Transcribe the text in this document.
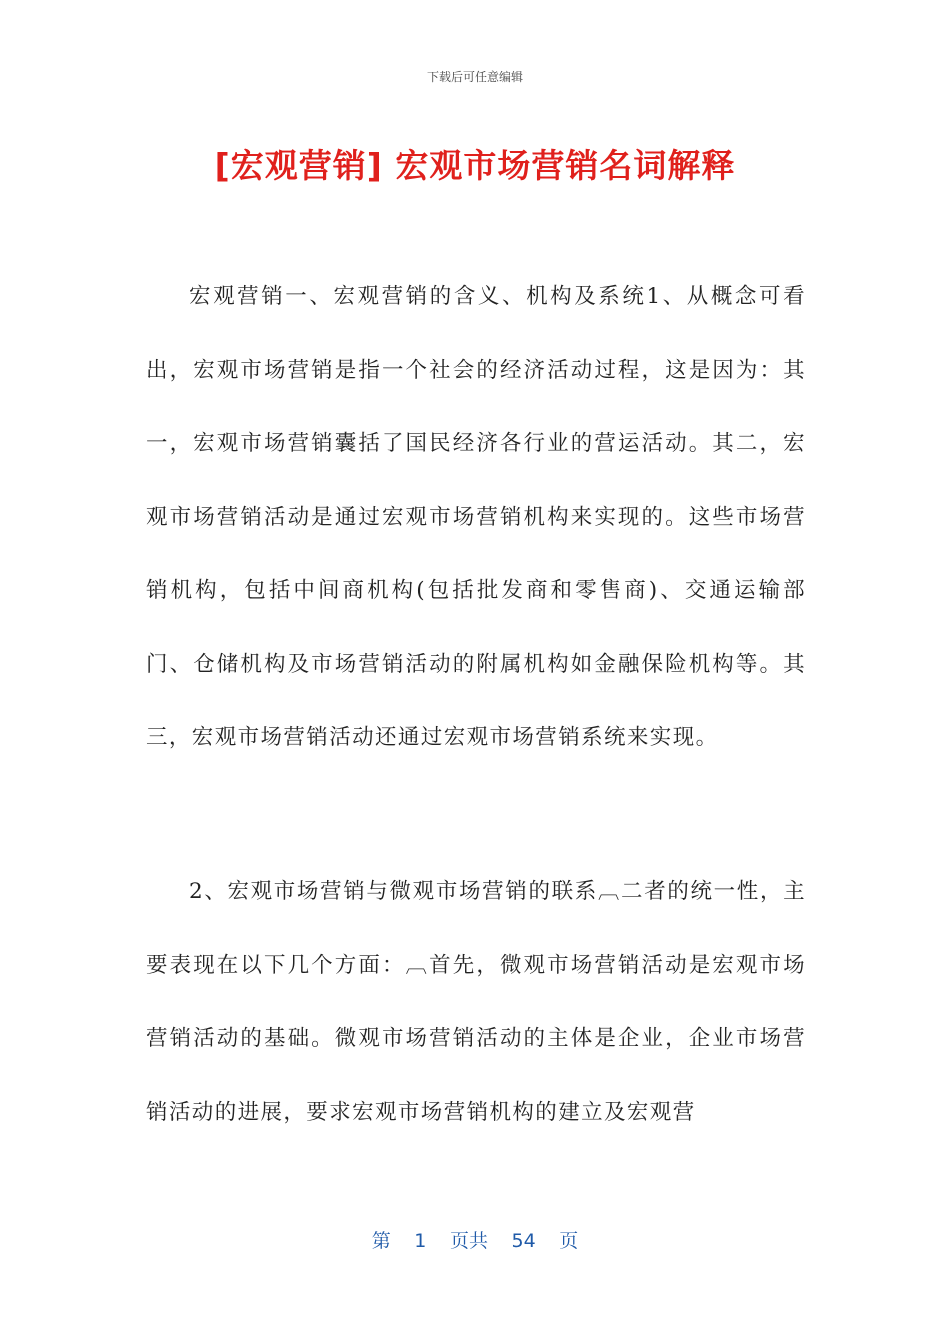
下载后可任意编辑
[宏观营销] 宏观市场营销名词解释

宏观营销一、宏观营销的含义、机构及系统1、从概念可看出，宏观市场营销是指一个社会的经济活动过程，这是因为：其一，宏观市场营销囊括了国民经济各行业的营运活动。其二，宏观市场营销活动是通过宏观市场营销机构来实现的。这些市场营销机构，包括中间商机构(包括批发商和零售商)、交通运输部门、仓储机构及市场营销活动的附属机构如金融保险机构等。其三，宏观市场营销活动还通过宏观市场营销系统来实现。

2、宏观市场营销与微观市场营销的联系︹二者的统一性，主要表现在以下几个方面：︹首先，微观市场营销活动是宏观市场营销活动的基础。微观市场营销活动的主体是企业，企业市场营销活动的进展，要求宏观市场营销机构的建立及宏观营

第 1 页共 54 页
